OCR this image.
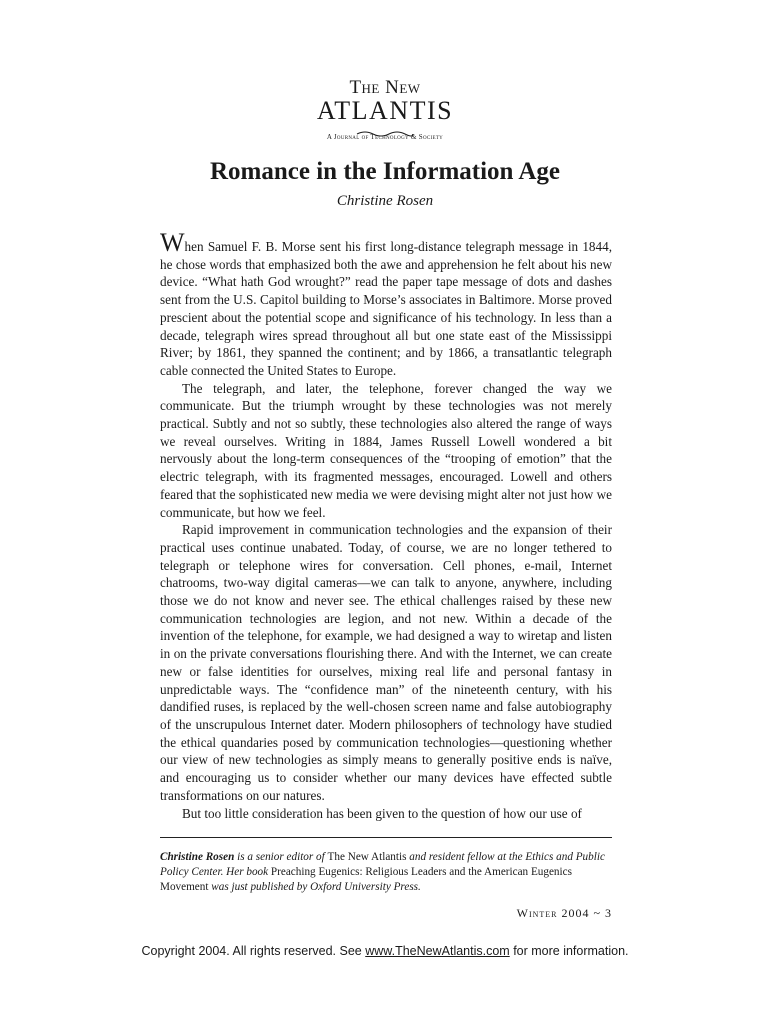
The New
ATLANTIS
A Journal of Technology & Society
Romance in the Information Age
Christine Rosen

When Samuel F. B. Morse sent his first long-distance telegraph message in 1844, he chose words that emphasized both the awe and apprehension he felt about his new device. “What hath God wrought?” read the paper tape message of dots and dashes sent from the U.S. Capitol building to Morse’s associates in Baltimore. Morse proved prescient about the potential scope and significance of his technology. In less than a decade, telegraph wires spread throughout all but one state east of the Mississippi River; by 1861, they spanned the continent; and by 1866, a transatlantic telegraph cable connected the United States to Europe.

The telegraph, and later, the telephone, forever changed the way we communicate. But the triumph wrought by these technologies was not merely practical. Subtly and not so subtly, these technologies also altered the range of ways we reveal ourselves. Writing in 1884, James Russell Lowell wondered a bit nervously about the long-term consequences of the “trooping of emotion” that the electric telegraph, with its fragmented messages, encouraged. Lowell and others feared that the sophisticated new media we were devising might alter not just how we communicate, but how we feel.

Rapid improvement in communication technologies and the expansion of their practical uses continue unabated. Today, of course, we are no longer tethered to telegraph or telephone wires for conversation. Cell phones, e-mail, Internet chatrooms, two-way digital cameras—we can talk to anyone, anywhere, including those we do not know and never see. The ethical challenges raised by these new communication technologies are legion, and not new. Within a decade of the invention of the telephone, for example, we had designed a way to wiretap and listen in on the private conversations flourishing there. And with the Internet, we can create new or false identities for ourselves, mixing real life and personal fantasy in unpredictable ways. The “confidence man” of the nineteenth century, with his dandified ruses, is replaced by the well-chosen screen name and false autobiography of the unscrupulous Internet dater. Modern philosophers of technology have studied the ethical quandaries posed by communication technologies—questioning whether our view of new technologies as simply means to generally positive ends is naïve, and encouraging us to consider whether our many devices have effected subtle transformations on our natures.

But too little consideration has been given to the question of how our use of

Christine Rosen is a senior editor of The New Atlantis and resident fellow at the Ethics and Public Policy Center. Her book Preaching Eugenics: Religious Leaders and the American Eugenics Movement was just published by Oxford University Press.
Winter 2004 ~ 3
Copyright 2004. All rights reserved. See www.TheNewAtlantis.com for more information.
